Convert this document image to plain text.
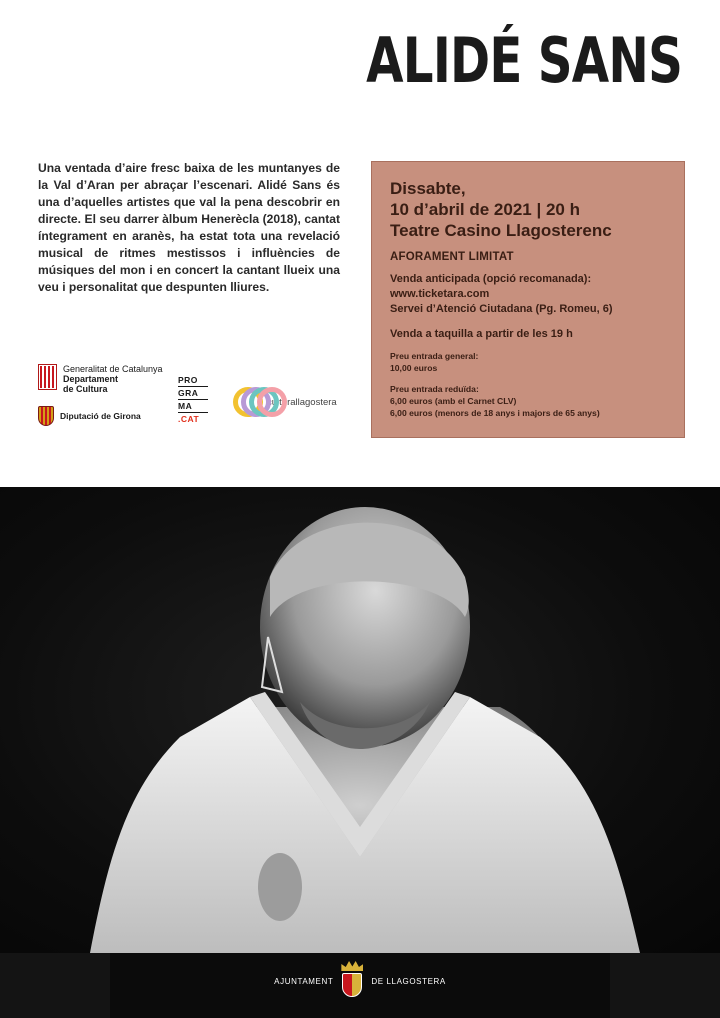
ALIDÉ SANS

Una ventada d’aire fresc baixa de les muntanyes de la Val d’Aran per abraçar l’escenari. Alidé Sans és una d’aquelles artistes que val la pena descobrir en directe. El seu darrer àlbum Henerècla (2018), cantat íntegrament en aranès, ha estat tota una revelació musical de ritmes mestissos i influències de músiques del mon i en concert la cantant llueix una veu i personalitat que despunten lliures.

Dissabte,
10 d’abril de 2021 | 20 h
Teatre Casino Llagosterenc
AFORAMENT LIMITAT
Venda anticipada (opció recomanada):
www.ticketara.com
Servei d’Atenció Ciutadana (Pg. Romeu, 6)
Venda a taquilla a partir de les 19 h
Preu entrada general:
10,00 euros
Preu entrada reduïda:
6,00 euros (amb el Carnet CLV)
6,00 euros (menors de 18 anys i majors de 65 anys)
Generalitat de Catalunya
Departament
de Cultura
Diputació de Girona
PRO
GRA
MA
.CAT
culturallagostera
AJUNTAMENT	DE LLAGOSTERA
